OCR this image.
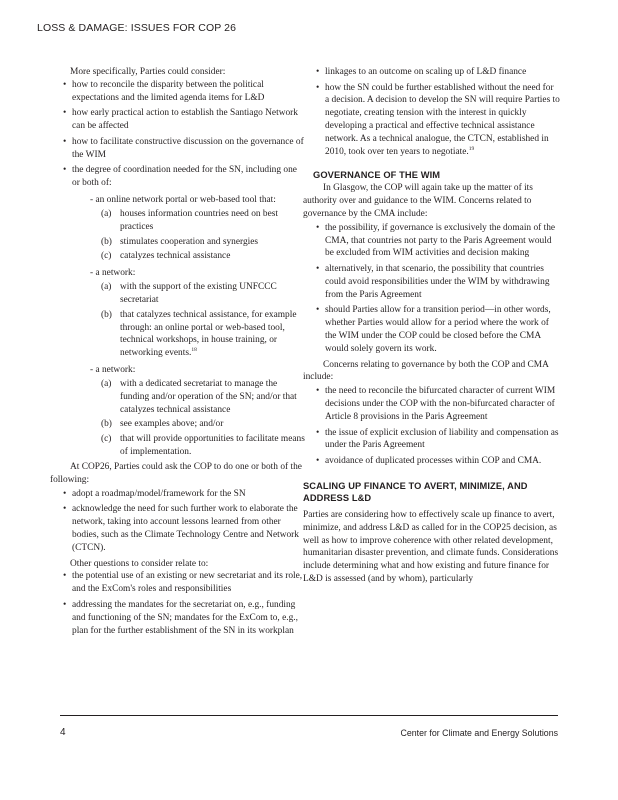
LOSS & DAMAGE: ISSUES FOR COP 26

More specifically, Parties could consider:

• how to reconcile the disparity between the political expectations and the limited agenda items for L&D
• how early practical action to establish the Santiago Network can be affected
• how to facilitate constructive discussion on the governance of the WIM
• the degree of coordination needed for the SN, including one or both of:

- an online network portal or web-based tool that:

(a) houses information countries need on best practices
(b) stimulates cooperation and synergies
(c) catalyzes technical assistance

- a network:

(a) with the support of the existing UNFCCC secretariat
(b) that catalyzes technical assistance, for example through: an online portal or web-based tool, technical workshops, in house training, or networking events.$^{18}$

- a network:

(a) with a dedicated secretariat to manage the funding and/or operation of the SN; and/or that catalyzes technical assistance
(b) see examples above; and/or
(c) that will provide opportunities to facilitate means of implementation.

At COP26, Parties could ask the COP to do one or both of the following:

• adopt a roadmap/model/framework for the SN
• acknowledge the need for such further work to elaborate the network, taking into account lessons learned from other bodies, such as the Climate Technology Centre and Network (CTCN).

Other questions to consider relate to:

• the potential use of an existing or new secretariat and its role, and the ExCom's roles and responsibilities
• addressing the mandates for the secretariat on, e.g., funding and functioning of the SN; mandates for the ExCom to, e.g., plan for the further establishment of the SN in its workplan
• linkages to an outcome on scaling up of L&D finance
• how the SN could be further established without the need for a decision. A decision to develop the SN will require Parties to negotiate, creating tension with the interest in quickly developing a practical and effective technical assistance network. As a technical analogue, the CTCN, established in 2010, took over ten years to negotiate.$^{19}$
GOVERNANCE OF THE WIM

In Glasgow, the COP will again take up the matter of its authority over and guidance to the WIM. Concerns related to governance by the CMA include:

• the possibility, if governance is exclusively the domain of the CMA, that countries not party to the Paris Agreement would be excluded from WIM activities and decision making
• alternatively, in that scenario, the possibility that countries could avoid responsibilities under the WIM by withdrawing from the Paris Agreement
• should Parties allow for a transition period—in other words, whether Parties would allow for a period where the work of the WIM under the COP could be closed before the CMA would solely govern its work.

Concerns relating to governance by both the COP and CMA include:

• the need to reconcile the bifurcated character of current WIM decisions under the COP with the non-bifurcated character of Article 8 provisions in the Paris Agreement
• the issue of explicit exclusion of liability and compensation as under the Paris Agreement
• avoidance of duplicated processes within COP and CMA.
SCALING UP FINANCE TO AVERT, MINIMIZE, AND ADDRESS L&D

Parties are considering how to effectively scale up finance to avert, minimize, and address L&D as called for in the COP25 decision, as well as how to improve coherence with other related development, humanitarian disaster prevention, and climate funds. Considerations include determining what and how existing and future finance for L&D is assessed (and by whom), particularly

4	Center for Climate and Energy Solutions
